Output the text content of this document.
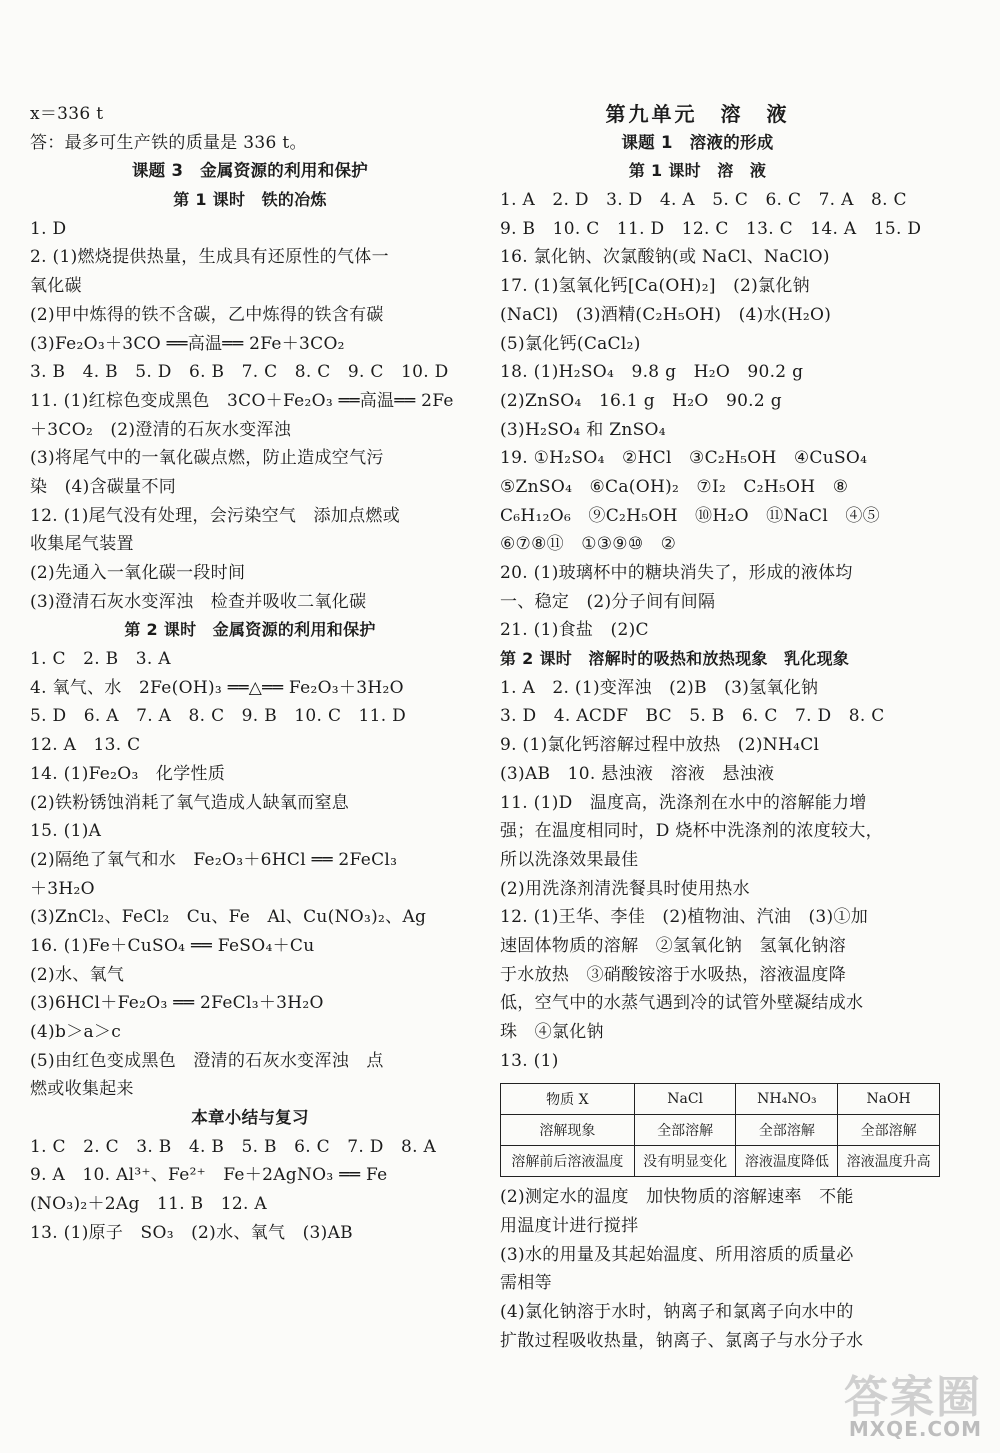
x＝336 t
答：最多可生产铁的质量是 336 t。
课题 3　金属资源的利用和保护
第 1 课时　铁的冶炼
1. D
2. (1)燃烧提供热量，生成具有还原性的气体一
氧化碳
(2)甲中炼得的铁不含碳，乙中炼得的铁含有碳
(3)Fe₂O₃＋3CO ══高温══ 2Fe＋3CO₂
3. B　4. B　5. D　6. B　7. C　8. C　9. C　10. D
11. (1)红棕色变成黑色　3CO＋Fe₂O₃ ══高温══ 2Fe
＋3CO₂　(2)澄清的石灰水变浑浊
(3)将尾气中的一氧化碳点燃，防止造成空气污
染　(4)含碳量不同
12. (1)尾气没有处理，会污染空气　添加点燃或
收集尾气装置
(2)先通入一氧化碳一段时间
(3)澄清石灰水变浑浊　检查并吸收二氧化碳
第 2 课时　金属资源的利用和保护
1. C　2. B　3. A
4. 氧气、水　2Fe(OH)₃ ══△══ Fe₂O₃＋3H₂O
5. D　6. A　7. A　8. C　9. B　10. C　11. D
12. A　13. C
14. (1)Fe₂O₃　化学性质
(2)铁粉锈蚀消耗了氧气造成人缺氧而窒息
15. (1)A
(2)隔绝了氧气和水　Fe₂O₃＋6HCl ══ 2FeCl₃
＋3H₂O
(3)ZnCl₂、FeCl₂　Cu、Fe　Al、Cu(NO₃)₂、Ag
16. (1)Fe＋CuSO₄ ══ FeSO₄＋Cu
(2)水、氧气
(3)6HCl＋Fe₂O₃ ══ 2FeCl₃＋3H₂O
(4)b＞a＞c
(5)由红色变成黑色　澄清的石灰水变浑浊　点
燃或收集起来
本章小结与复习
1. C　2. C　3. B　4. B　5. B　6. C　7. D　8. A
9. A　10. Al³⁺、Fe²⁺　Fe＋2AgNO₃ ══ Fe
(NO₃)₂＋2Ag　11. B　12. A
13. (1)原子　SO₃　(2)水、氧气　(3)AB
第九单元　溶　液
课题 1　溶液的形成
第 1 课时　溶　液
1. A　2. D　3. D　4. A　5. C　6. C　7. A　8. C
9. B　10. C　11. D　12. C　13. C　14. A　15. D
16. 氯化钠、次氯酸钠(或 NaCl、NaClO)
17. (1)氢氧化钙[Ca(OH)₂]　(2)氯化钠
(NaCl)　(3)酒精(C₂H₅OH)　(4)水(H₂O)
(5)氯化钙(CaCl₂)
18. (1)H₂SO₄　9.8 g　H₂O　90.2 g
(2)ZnSO₄　16.1 g　H₂O　90.2 g
(3)H₂SO₄ 和 ZnSO₄
19. ①H₂SO₄　②HCl　③C₂H₅OH　④CuSO₄
⑤ZnSO₄　⑥Ca(OH)₂　⑦I₂　C₂H₅OH　⑧
C₆H₁₂O₆　⑨C₂H₅OH　⑩H₂O　⑪NaCl　④⑤
⑥⑦⑧⑪　①③⑨⑩　②
20. (1)玻璃杯中的糖块消失了，形成的液体均
一、稳定　(2)分子间有间隔
21. (1)食盐　(2)C
第 2 课时　溶解时的吸热和放热现象　乳化现象
1. A　2. (1)变浑浊　(2)B　(3)氢氧化钠
3. D　4. ACDF　BC　5. B　6. C　7. D　8. C
9. (1)氯化钙溶解过程中放热　(2)NH₄Cl
(3)AB　10. 悬浊液　溶液　悬浊液
11. (1)D　温度高，洗涤剂在水中的溶解能力增
强；在温度相同时，D 烧杯中洗涤剂的浓度较大，
所以洗涤效果最佳
(2)用洗涤剂清洗餐具时使用热水
12. (1)王华、李佳　(2)植物油、汽油　(3)①加
速固体物质的溶解　②氢氧化钠　氢氧化钠溶
于水放热　③硝酸铵溶于水吸热，溶液温度降
低，空气中的水蒸气遇到冷的试管外壁凝结成水
珠　④氯化钠
13. (1)
物质 X	NaCl	NH₄NO₃	NaOH
溶解现象	全部溶解	全部溶解	全部溶解
溶解前后溶液温度	没有明显变化	溶液温度降低	溶液温度升高
(2)测定水的温度　加快物质的溶解速率　不能
用温度计进行搅拌
(3)水的用量及其起始温度、所用溶质的质量必
需相等
(4)氯化钠溶于水时，钠离子和氯离子向水中的
扩散过程吸收热量，钠离子、氯离子与水分子水
答案圈
MXQE.COM
